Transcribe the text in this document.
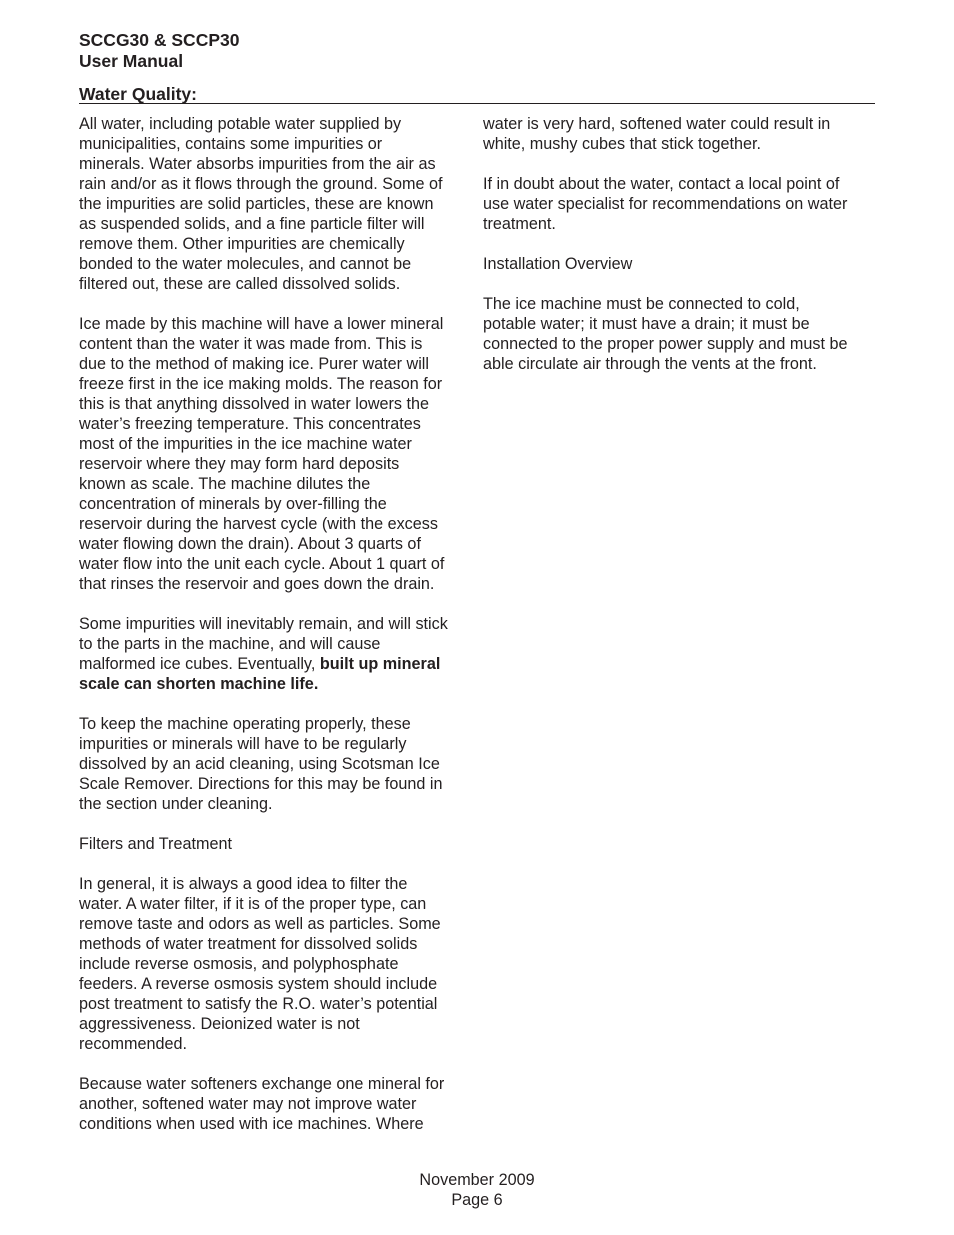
SCCG30 & SCCP30
User Manual
Water Quality:

All water, including potable water supplied by
municipalities, contains some impurities or
minerals. Water absorbs impurities from the air as
rain and/or as it flows through the ground. Some of
the impurities are solid particles, these are known
as suspended solids, and a fine particle filter will
remove them. Other impurities are chemically
bonded to the water molecules, and cannot be
filtered out, these are called dissolved solids.

Ice made by this machine will have a lower mineral
content than the water it was made from. This is
due to the method of making ice. Purer water will
freeze first in the ice making molds. The reason for
this is that anything dissolved in water lowers the
water’s freezing temperature. This concentrates
most of the impurities in the ice machine water
reservoir where they may form hard deposits
known as scale. The machine dilutes the
concentration of minerals by over-filling the
reservoir during the harvest cycle (with the excess
water flowing down the drain). About 3 quarts of
water flow into the unit each cycle. About 1 quart of
that rinses the reservoir and goes down the drain.

Some impurities will inevitably remain, and will stick
to the parts in the machine, and will cause
malformed ice cubes. Eventually, built up mineral
scale can shorten machine life.

To keep the machine operating properly, these
impurities or minerals will have to be regularly
dissolved by an acid cleaning, using Scotsman Ice
Scale Remover. Directions for this may be found in
the section under cleaning.

Filters and Treatment

In general, it is always a good idea to filter the
water. A water filter, if it is of the proper type, can
remove taste and odors as well as particles. Some
methods of water treatment for dissolved solids
include reverse osmosis, and polyphosphate
feeders. A reverse osmosis system should include
post treatment to satisfy the R.O. water’s potential
aggressiveness. Deionized water is not
recommended.

Because water softeners exchange one mineral for
another, softened water may not improve water
conditions when used with ice machines. Where

water is very hard, softened water could result in
white, mushy cubes that stick together.

If in doubt about the water, contact a local point of
use water specialist for recommendations on water
treatment.

Installation Overview

The ice machine must be connected to cold,
potable water; it must have a drain; it must be
connected to the proper power supply and must be
able circulate air through the vents at the front.

November 2009
Page 6
